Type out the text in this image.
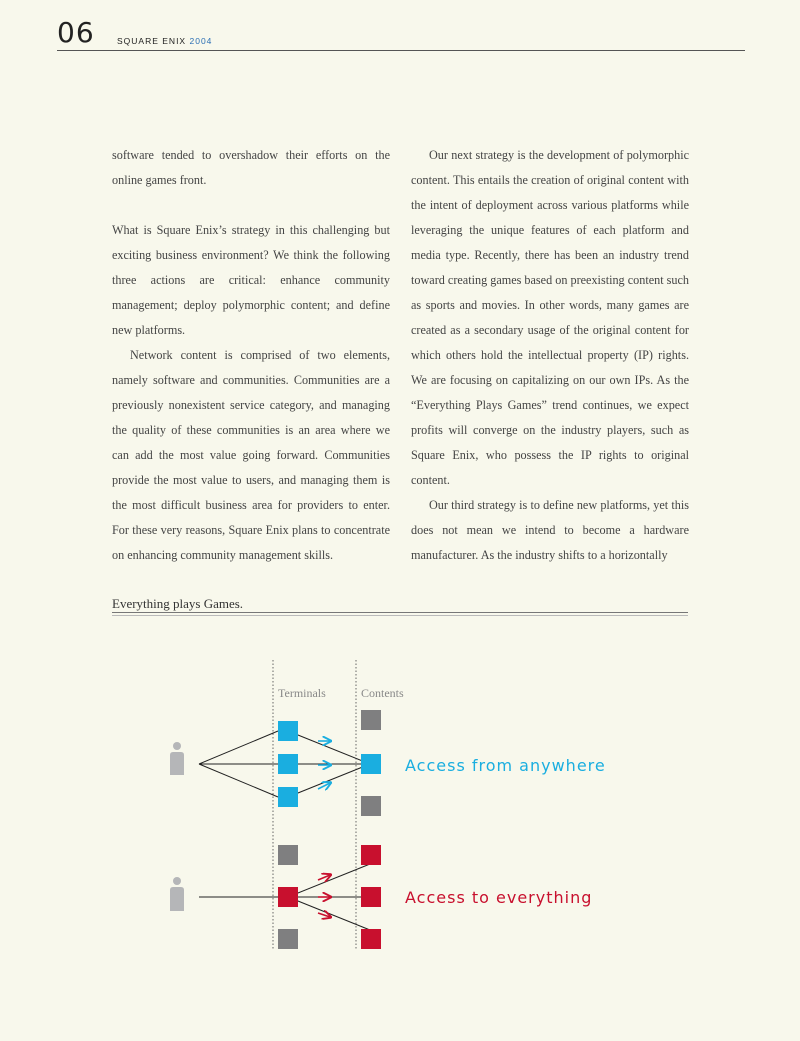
06	SQUARE ENIX 2004

software tended to overshadow their efforts on the online games front.

What is Square Enix’s strategy in this challenging but exciting business environment? We think the following three actions are critical: enhance community management; deploy polymorphic content; and define new platforms.

Network content is comprised of two elements, namely software and communities. Communities are a previously nonexistent service category, and managing the quality of these communities is an area where we can add the most value going forward. Communities provide the most value to users, and managing them is the most difficult business area for providers to enter. For these very reasons, Square Enix plans to concentrate on enhancing community management skills.

Our next strategy is the development of polymorphic content. This entails the creation of original content with the intent of deployment across various platforms while leveraging the unique features of each platform and media type. Recently, there has been an industry trend toward creating games based on preexisting content such as sports and movies. In other words, many games are created as a secondary usage of the original content for which others hold the intellectual property (IP) rights. We are focusing on capitalizing on our own IPs. As the “Everything Plays Games” trend continues, we expect profits will converge on the industry players, such as Square Enix, who possess the IP rights to original content.

Our third strategy is to define new platforms, yet this does not mean we intend to become a hardware manufacturer. As the industry shifts to a horizontally

Everything plays Games.
Terminals	Contents
Access from anywhere
Access to everything
